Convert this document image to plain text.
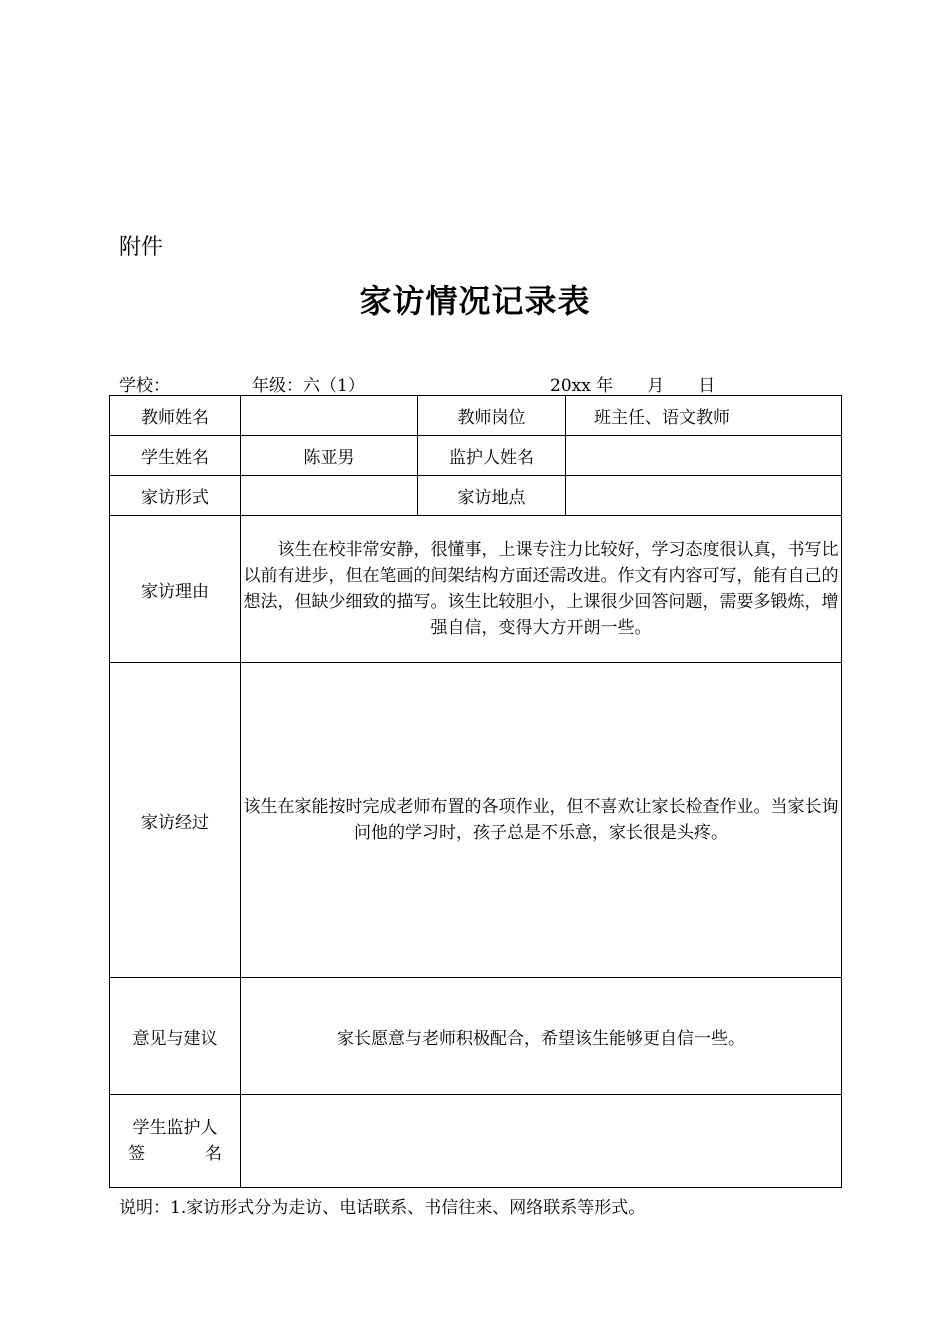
附件
家访情况记录表
学校：	年级：六（1）	20xx 年　　月　　日
教师姓名		教师岗位	班主任、语文教师
学生姓名	陈亚男	监护人姓名	
家访形式		家访地点	
家访理由	该生在校非常安静，很懂事，上课专注力比较好，学习态度很认真，书写比以前有进步，但在笔画的间架结构方面还需改进。作文有内容可写，能有自己的想法，但缺少细致的描写。该生比较胆小，上课很少回答问题，需要多锻炼，增强自信，变得大方开朗一些。		

家访经过	该生在家能按时完成老师布置的各项作业，但不喜欢让家长检查作业。当家长询问他的学习时，孩子总是不乐意，家长很是头疼。		
意见与建议	家长愿意与老师积极配合，希望该生能够更自信一些。		

学生监护人
签 名			

说明：1.家访形式分为走访、电话联系、书信往来、网络联系等形式。
